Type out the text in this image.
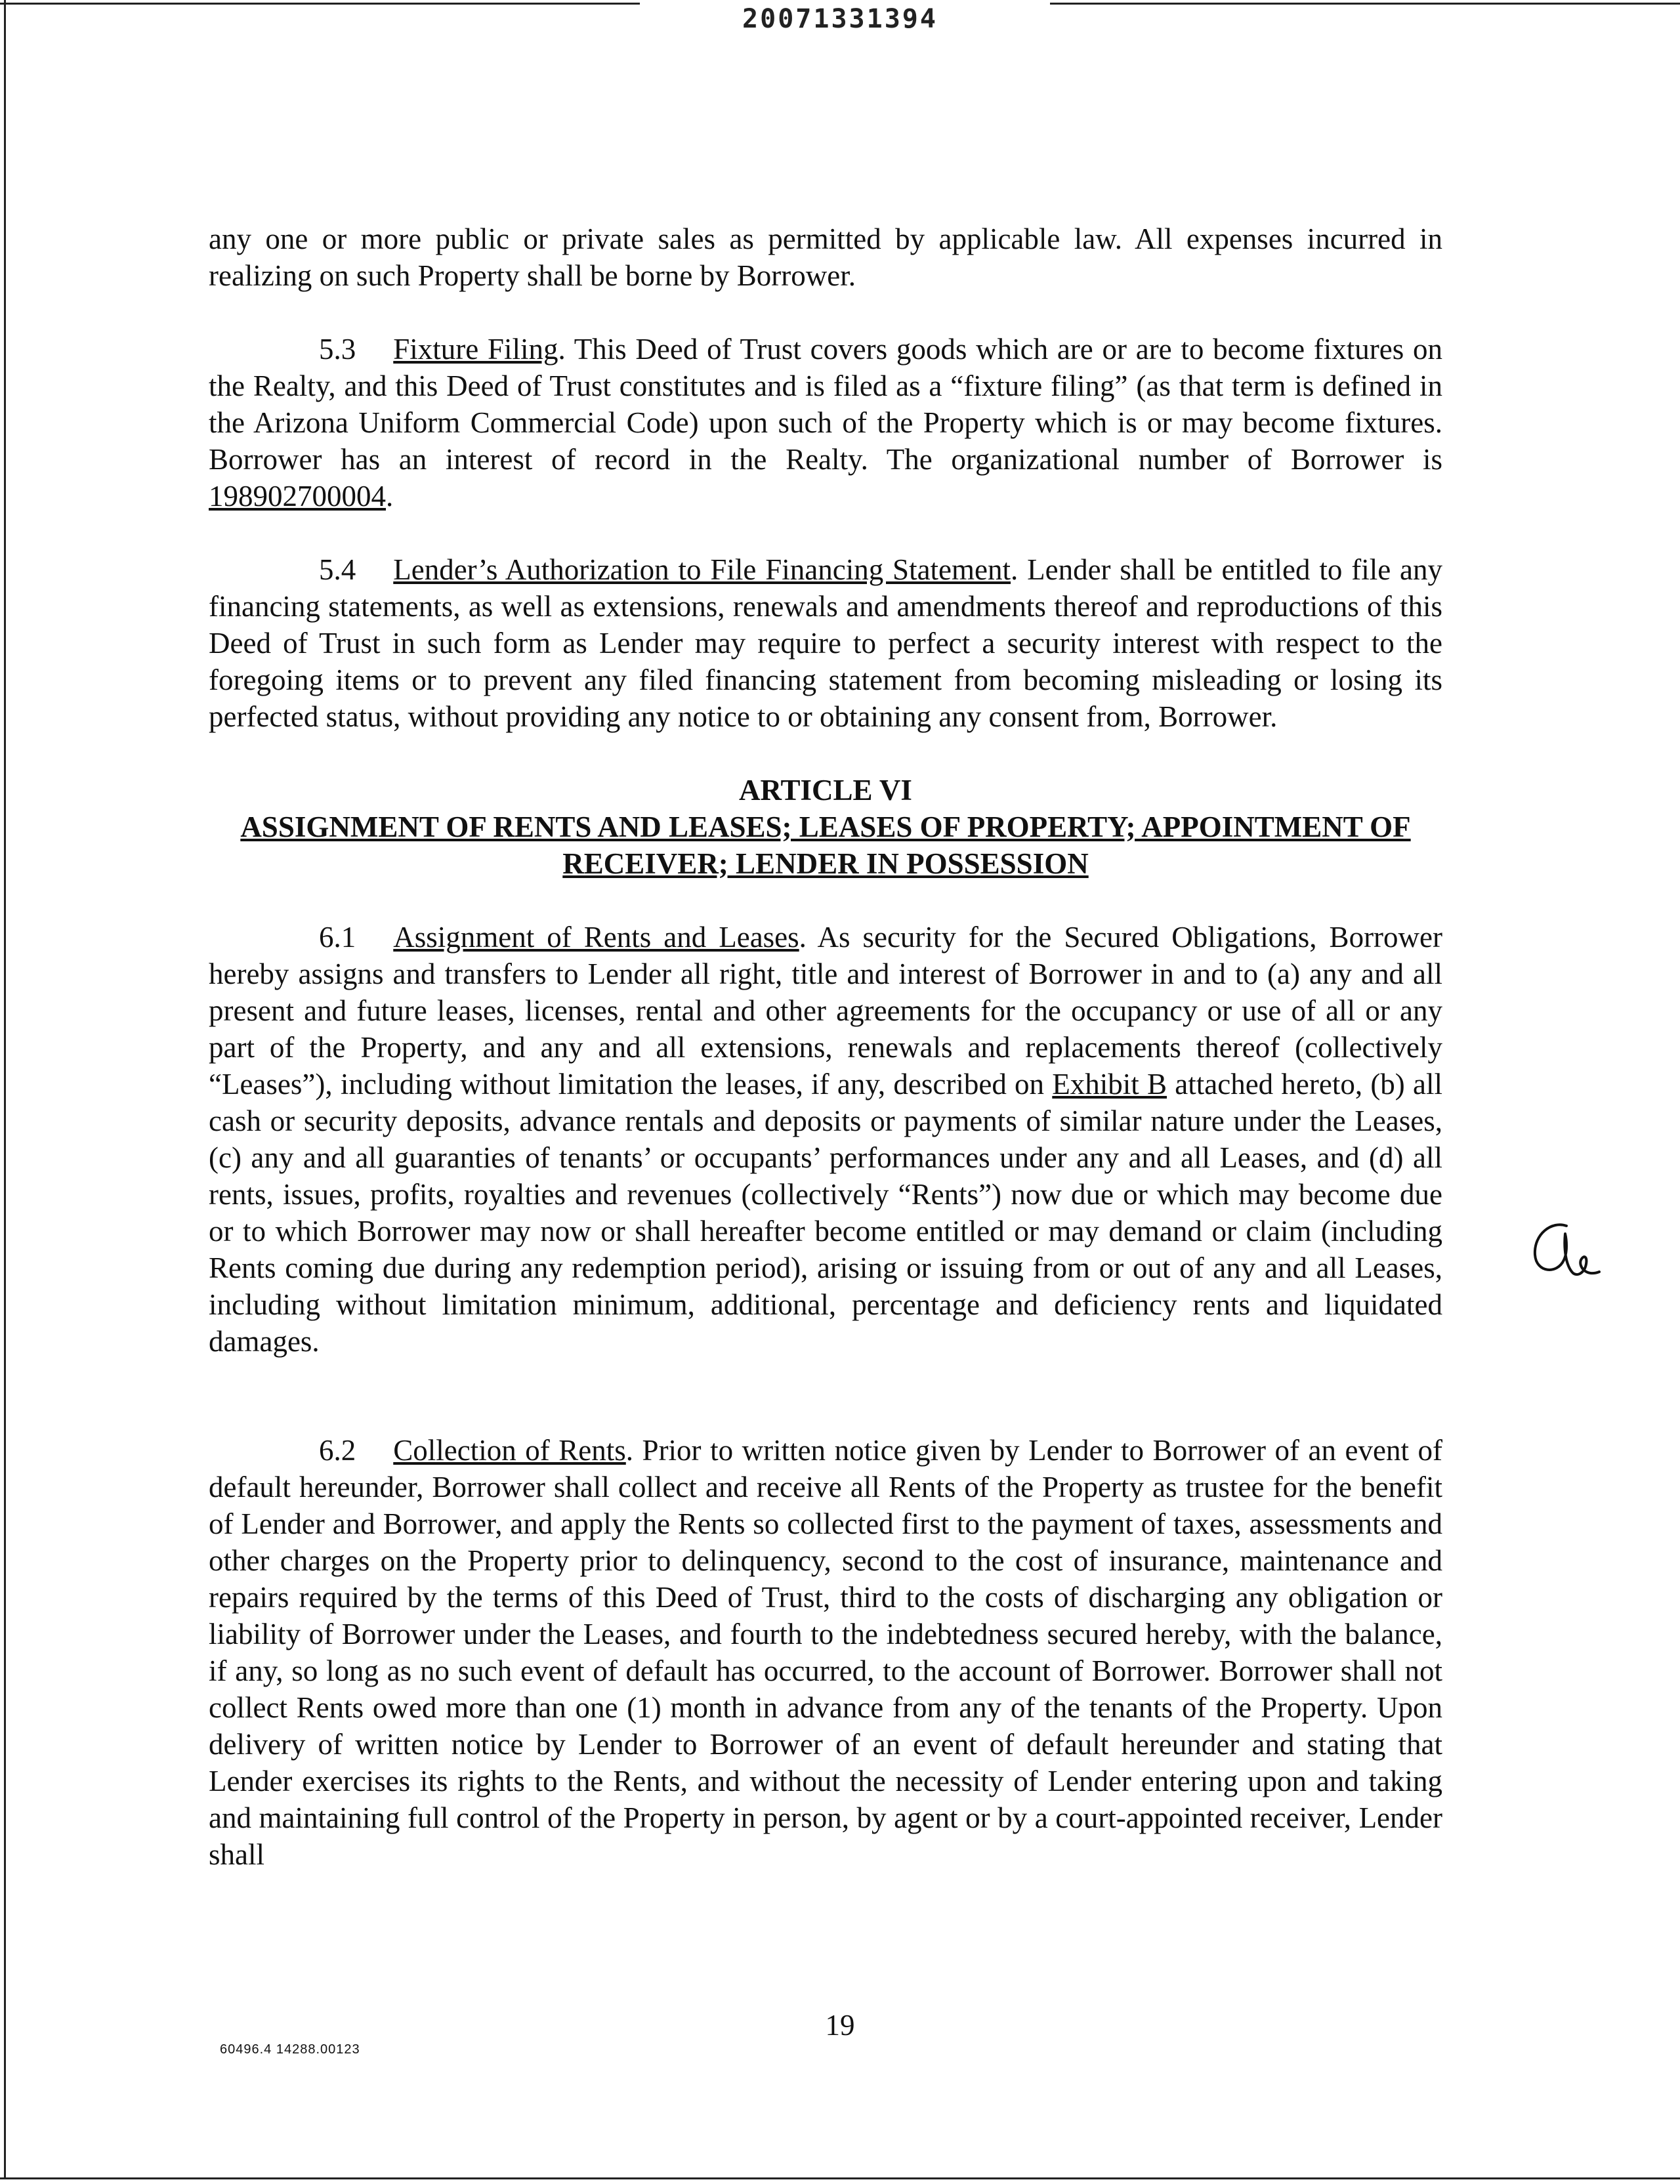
20071331394

any one or more public or private sales as permitted by applicable law. All expenses incurred in realizing on such Property shall be borne by Borrower.

5.3 Fixture Filing. This Deed of Trust covers goods which are or are to become fixtures on the Realty, and this Deed of Trust constitutes and is filed as a “fixture filing” (as that term is defined in the Arizona Uniform Commercial Code) upon such of the Property which is or may become fixtures. Borrower has an interest of record in the Realty. The organizational number of Borrower is 198902700004.

5.4 Lender’s Authorization to File Financing Statement. Lender shall be entitled to file any financing statements, as well as extensions, renewals and amendments thereof and reproductions of this Deed of Trust in such form as Lender may require to perfect a security interest with respect to the foregoing items or to prevent any filed financing statement from becoming misleading or losing its perfected status, without providing any notice to or obtaining any consent from, Borrower.

ARTICLE VI
ASSIGNMENT OF RENTS AND LEASES; LEASES OF PROPERTY; APPOINTMENT OF RECEIVER; LENDER IN POSSESSION

6.1 Assignment of Rents and Leases. As security for the Secured Obligations, Borrower hereby assigns and transfers to Lender all right, title and interest of Borrower in and to (a) any and all present and future leases, licenses, rental and other agreements for the occupancy or use of all or any part of the Property, and any and all extensions, renewals and replacements thereof (collectively “Leases”), including without limitation the leases, if any, described on Exhibit B attached hereto, (b) all cash or security deposits, advance rentals and deposits or payments of similar nature under the Leases, (c) any and all guaranties of tenants’ or occupants’ performances under any and all Leases, and (d) all rents, issues, profits, royalties and revenues (collectively “Rents”) now due or which may become due or to which Borrower may now or shall hereafter become entitled or may demand or claim (including Rents coming due during any redemption period), arising or issuing from or out of any and all Leases, including without limitation minimum, additional, percentage and deficiency rents and liquidated damages.

6.2 Collection of Rents. Prior to written notice given by Lender to Borrower of an event of default hereunder, Borrower shall collect and receive all Rents of the Property as trustee for the benefit of Lender and Borrower, and apply the Rents so collected first to the payment of taxes, assessments and other charges on the Property prior to delinquency, second to the cost of insurance, maintenance and repairs required by the terms of this Deed of Trust, third to the costs of discharging any obligation or liability of Borrower under the Leases, and fourth to the indebtedness secured hereby, with the balance, if any, so long as no such event of default has occurred, to the account of Borrower. Borrower shall not collect Rents owed more than one (1) month in advance from any of the tenants of the Property. Upon delivery of written notice by Lender to Borrower of an event of default hereunder and stating that Lender exercises its rights to the Rents, and without the necessity of Lender entering upon and taking and maintaining full control of the Property in person, by agent or by a court-appointed receiver, Lender shall

19
60496.4 14288.00123
